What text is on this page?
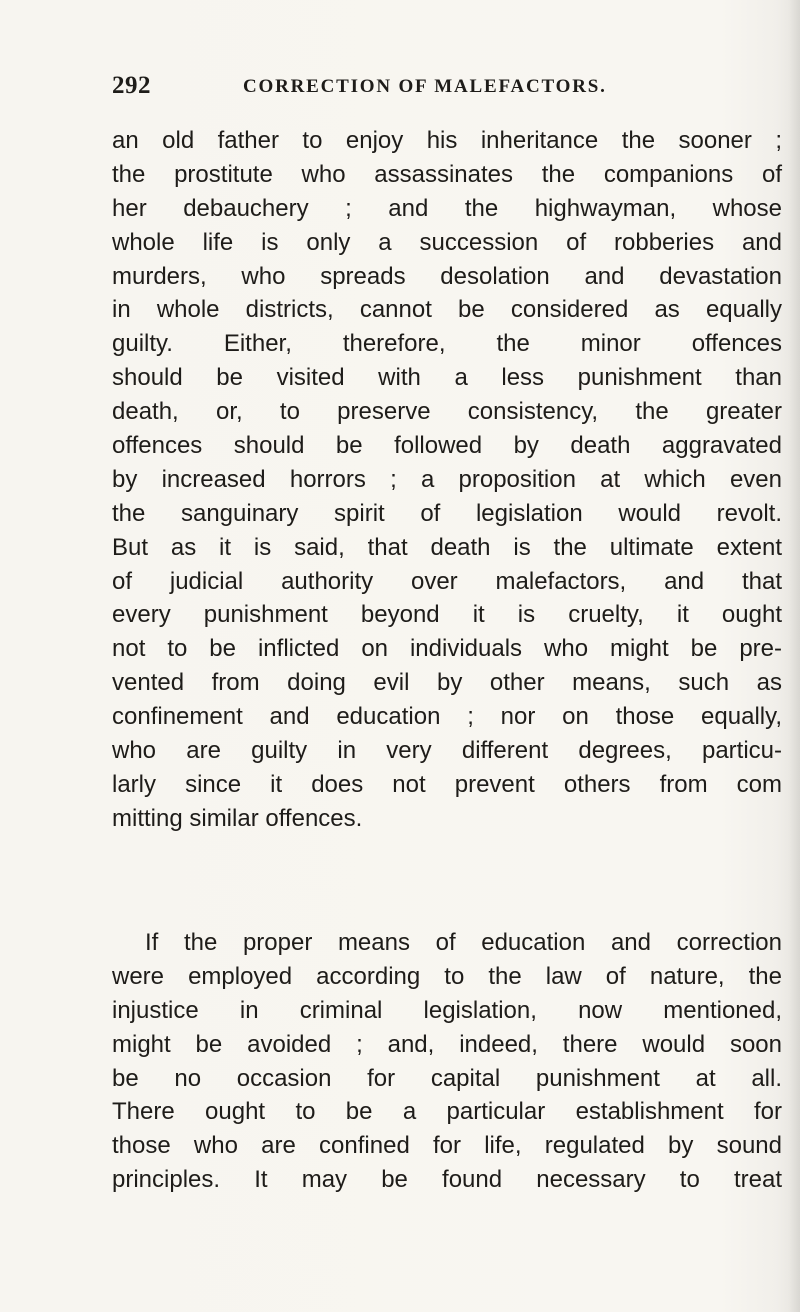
292	CORRECTION OF MALEFACTORS.
an old father to enjoy his inheritance the sooner ;
the prostitute who assassinates the companions of
her debauchery ; and the highwayman, whose
whole life is only a succession of robberies and
murders, who spreads desolation and devastation
in whole districts, cannot be considered as equally
guilty. Either, therefore, the minor offences
should be visited with a less punishment than
death, or, to preserve consistency, the greater
offences should be followed by death aggravated
by increased horrors ; a proposition at which even
the sanguinary spirit of legislation would revolt.
But as it is said, that death is the ultimate extent
of judicial authority over malefactors, and that
every punishment beyond it is cruelty, it ought
not to be inflicted on individuals who might be pre-
vented from doing evil by other means, such as
confinement and education ; nor on those equally,
who are guilty in very different degrees, particu-
larly since it does not prevent others from com
mitting similar offences.
If the proper means of education and correction
were employed according to the law of nature, the
injustice in criminal legislation, now mentioned,
might be avoided ; and, indeed, there would soon
be no occasion for capital punishment at all.
There ought to be a particular establishment for
those who are confined for life, regulated by sound
principles. It may be found necessary to treat
